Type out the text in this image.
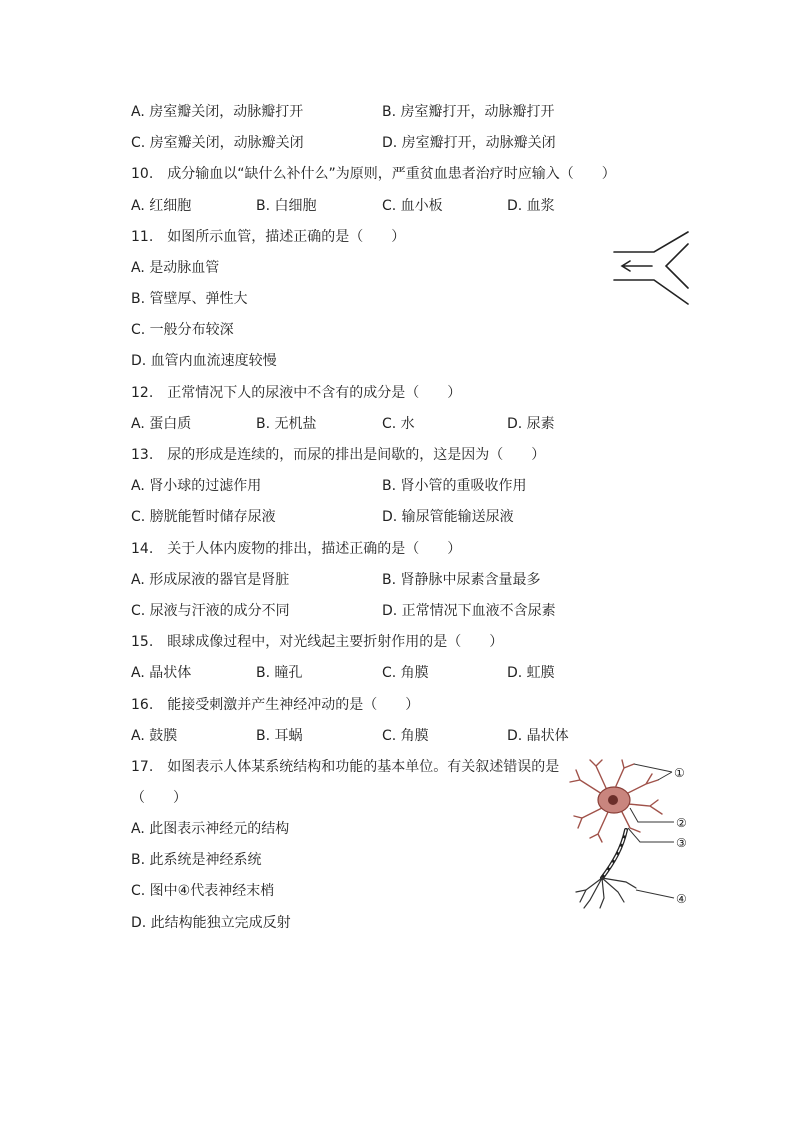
A. 房室瓣关闭，动脉瓣打开	B. 房室瓣打开，动脉瓣打开
C. 房室瓣关闭，动脉瓣关闭	D. 房室瓣打开，动脉瓣关闭
10.　成分输血以“缺什么补什么”为原则，严重贫血患者治疗时应输入（　　）
A. 红细胞	B. 白细胞	C. 血小板	D. 血浆
11.　如图所示血管，描述正确的是（　　）
A. 是动脉血管
B. 管壁厚、弹性大
C. 一般分布较深
D. 血管内血流速度较慢
12.　正常情况下人的尿液中不含有的成分是（　　）
A. 蛋白质	B. 无机盐	C. 水	D. 尿素
13.　尿的形成是连续的，而尿的排出是间歇的，这是因为（　　）
A. 肾小球的过滤作用	B. 肾小管的重吸收作用
C. 膀胱能暂时储存尿液	D. 输尿管能输送尿液
14.　关于人体内废物的排出，描述正确的是（　　）
A. 形成尿液的器官是肾脏	B. 肾静脉中尿素含量最多
C. 尿液与汗液的成分不同	D. 正常情况下血液不含尿素
15.　眼球成像过程中，对光线起主要折射作用的是（　　）
A. 晶状体	B. 瞳孔	C. 角膜	D. 虹膜
16.　能接受刺激并产生神经冲动的是（　　）
A. 鼓膜	B. 耳蜗	C. 角膜	D. 晶状体
17.　如图表示人体某系统结构和功能的基本单位。有关叙述错误的是
（　　）
A. 此图表示神经元的结构
B. 此系统是神经系统
C. 图中④代表神经末梢
D. 此结构能独立完成反射
①
②
③
④
